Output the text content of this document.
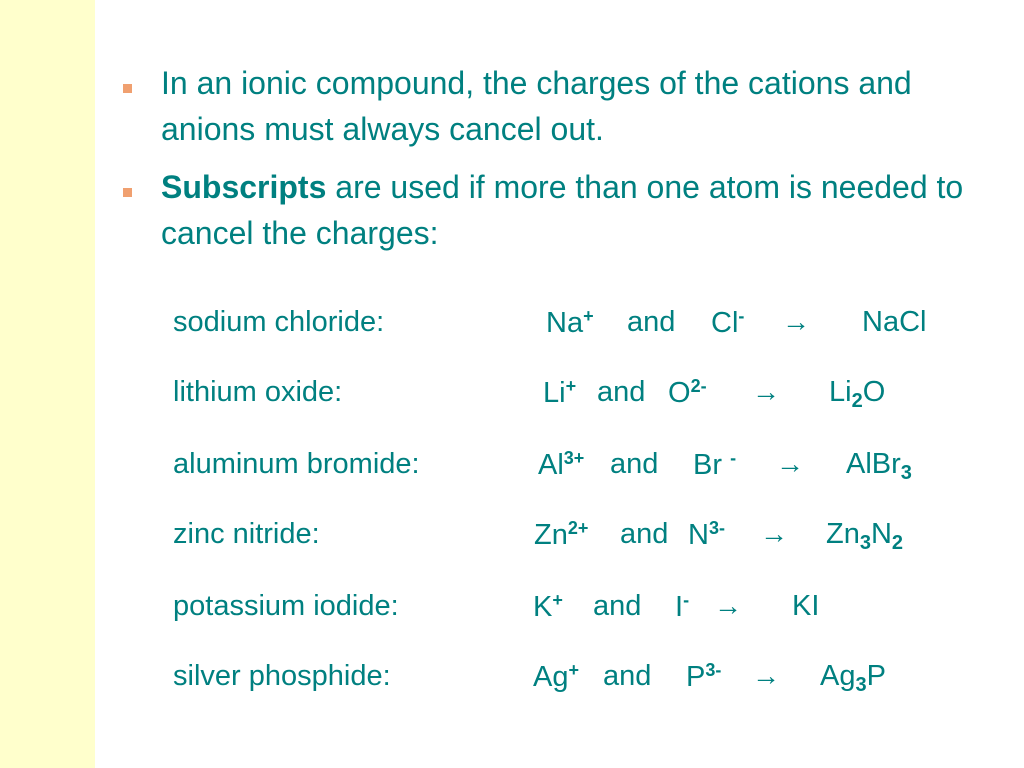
In an ionic compound, the charges of the cations and anions must always cancel out.
Subscripts are used if more than one atom is needed to cancel the charges:
sodium chloride:	Na+ and Cl- → NaCl
lithium oxide:	Li+ and $O^{2-} \to Li_2O$
aluminum bromide:	$Al^{3+}$ and Br - → AlBr$_3$
zinc nitride:	$Zn^{2+}$ and $N^{3-} \to Zn_3N_2$
potassium iodide:	K+ and I- → KI
silver phosphide:	Ag+ and $P^{3-} \to Ag_3P$
